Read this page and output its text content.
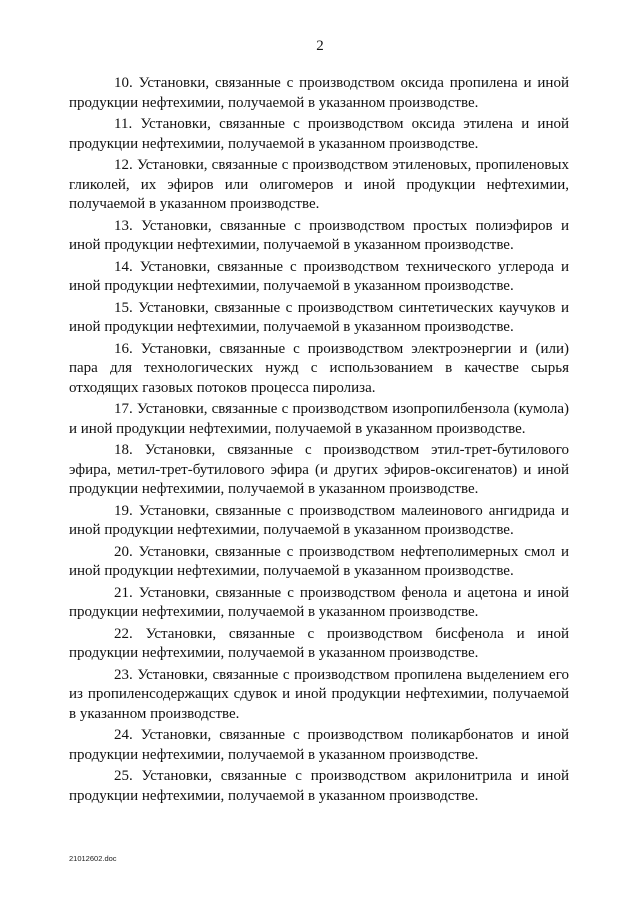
2

10. Установки, связанные с производством оксида пропилена и иной продукции нефтехимии, получаемой в указанном производстве.

11. Установки, связанные с производством оксида этилена и иной продукции нефтехимии, получаемой в указанном производстве.

12. Установки, связанные с производством этиленовых, пропиленовых гликолей, их эфиров или олигомеров и иной продукции нефтехимии, получаемой в указанном производстве.

13. Установки, связанные с производством простых полиэфиров и иной продукции нефтехимии, получаемой в указанном производстве.

14. Установки, связанные с производством технического углерода и иной продукции нефтехимии, получаемой в указанном производстве.

15. Установки, связанные с производством синтетических каучуков и иной продукции нефтехимии, получаемой в указанном производстве.

16. Установки, связанные с производством электроэнергии и (или) пара для технологических нужд с использованием в качестве сырья отходящих газовых потоков процесса пиролиза.

17. Установки, связанные с производством изопропилбензола (кумола) и иной продукции нефтехимии, получаемой в указанном производстве.

18. Установки, связанные с производством этил-трет-бутилового эфира, метил-трет-бутилового эфира (и других эфиров-оксигенатов) и иной продукции нефтехимии, получаемой в указанном производстве.

19. Установки, связанные с производством малеинового ангидрида и иной продукции нефтехимии, получаемой в указанном производстве.

20. Установки, связанные с производством нефтеполимерных смол и иной продукции нефтехимии, получаемой в указанном производстве.

21. Установки, связанные с производством фенола и ацетона и иной продукции нефтехимии, получаемой в указанном производстве.

22. Установки, связанные с производством бисфенола и иной продукции нефтехимии, получаемой в указанном производстве.

23. Установки, связанные с производством пропилена выделением его из пропиленсодержащих сдувок и иной продукции нефтехимии, получаемой в указанном производстве.

24. Установки, связанные с производством поликарбонатов и иной продукции нефтехимии, получаемой в указанном производстве.

25. Установки, связанные с производством акрилонитрила и иной продукции нефтехимии, получаемой в указанном производстве.

21012602.doc
